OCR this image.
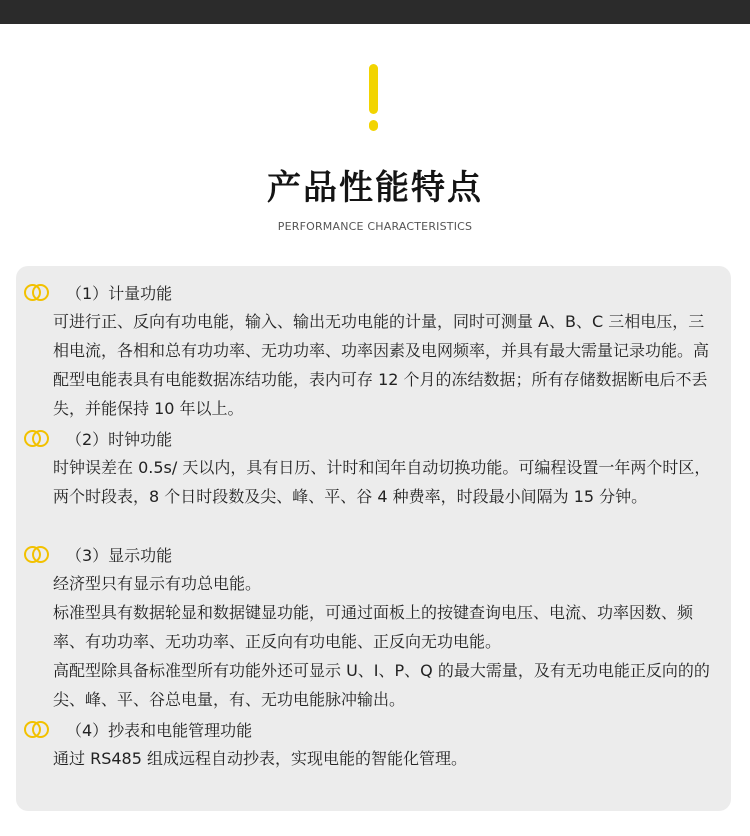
产品性能特点
PERFORMANCE CHARACTERISTICS
（1）计量功能
可进行正、反向有功电能，输入、输出无功电能的计量，同时可测量 A、B、C 三相电压，三相电流，各相和总有功功率、无功功率、功率因素及电网频率，并具有最大需量记录功能。高配型电能表具有电能数据冻结功能，表内可存 12 个月的冻结数据；所有存储数据断电后不丢失，并能保持 10 年以上。
（2）时钟功能
时钟误差在 0.5s/ 天以内，具有日历、计时和闰年自动切换功能。可编程设置一年两个时区，两个时段表，8 个日时段数及尖、峰、平、谷 4 种费率，时段最小间隔为 15 分钟。
（3）显示功能
经济型只有显示有功总电能。
标准型具有数据轮显和数据键显功能，可通过面板上的按键查询电压、电流、功率因数、频率、有功功率、无功功率、正反向有功电能、正反向无功电能。
高配型除具备标准型所有功能外还可显示 U、I、P、Q 的最大需量，及有无功电能正反向的的尖、峰、平、谷总电量，有、无功电能脉冲输出。
（4）抄表和电能管理功能
通过 RS485 组成远程自动抄表，实现电能的智能化管理。
